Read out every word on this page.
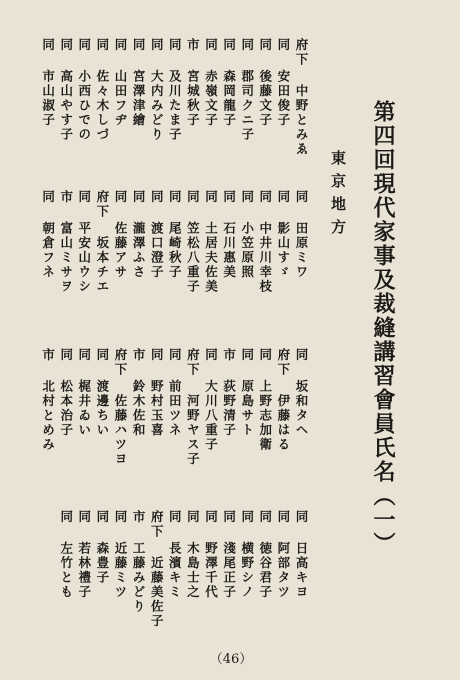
第四回現代家事及裁縫講習會員氏名（一）
東京地方
府下 中野とみゑ
同 安田俊子
同 後藤文子
同 郡司クニ子
同 森岡龍子
同 赤嶺文子
市 宮城秋子
同 及川たま子
同 大内みどり
同 宮澤津繪
同 山田フヂ
同 佐々木しづ
同 小西ひでの
同 高山やす子
同 市山淑子
同 田原ミワ
同 影山すゞ
同 中井川幸枝
同 小笠原照
同 石川惠美
同 土居夫佐美
同 笠松八重子
同 尾崎秋子
同 渡口澄子
同 瀧澤ふさ
同 佐藤アサ
府下 坂本チエ
同 平安山ウシ
市 富山ミサヲ
同 朝倉フネ
同 坂和タヘ
府下 伊藤はる
同 上野志加衛
同 原島サト
市 荻野清子
同 大川八重子
府下 河野ヤス子
同 前田ツネ
同 野村玉喜
市 鈴木佐和
府下 佐藤ハツヨ
同 渡邊ちい
同 梶井ゐい
同 松本治子
市 北村とめみ
同 日高キヨ
同 阿部タツ
同 徳谷君子
同 横野シノ
同 淺尾正子
同 野澤千代
同 木島士之
同 長濱キミ
府下 近藤美佐子
市 工藤みどり
同 近藤ミツ
同 森豊子
同 若林禮子
同 左竹とも
（46）
